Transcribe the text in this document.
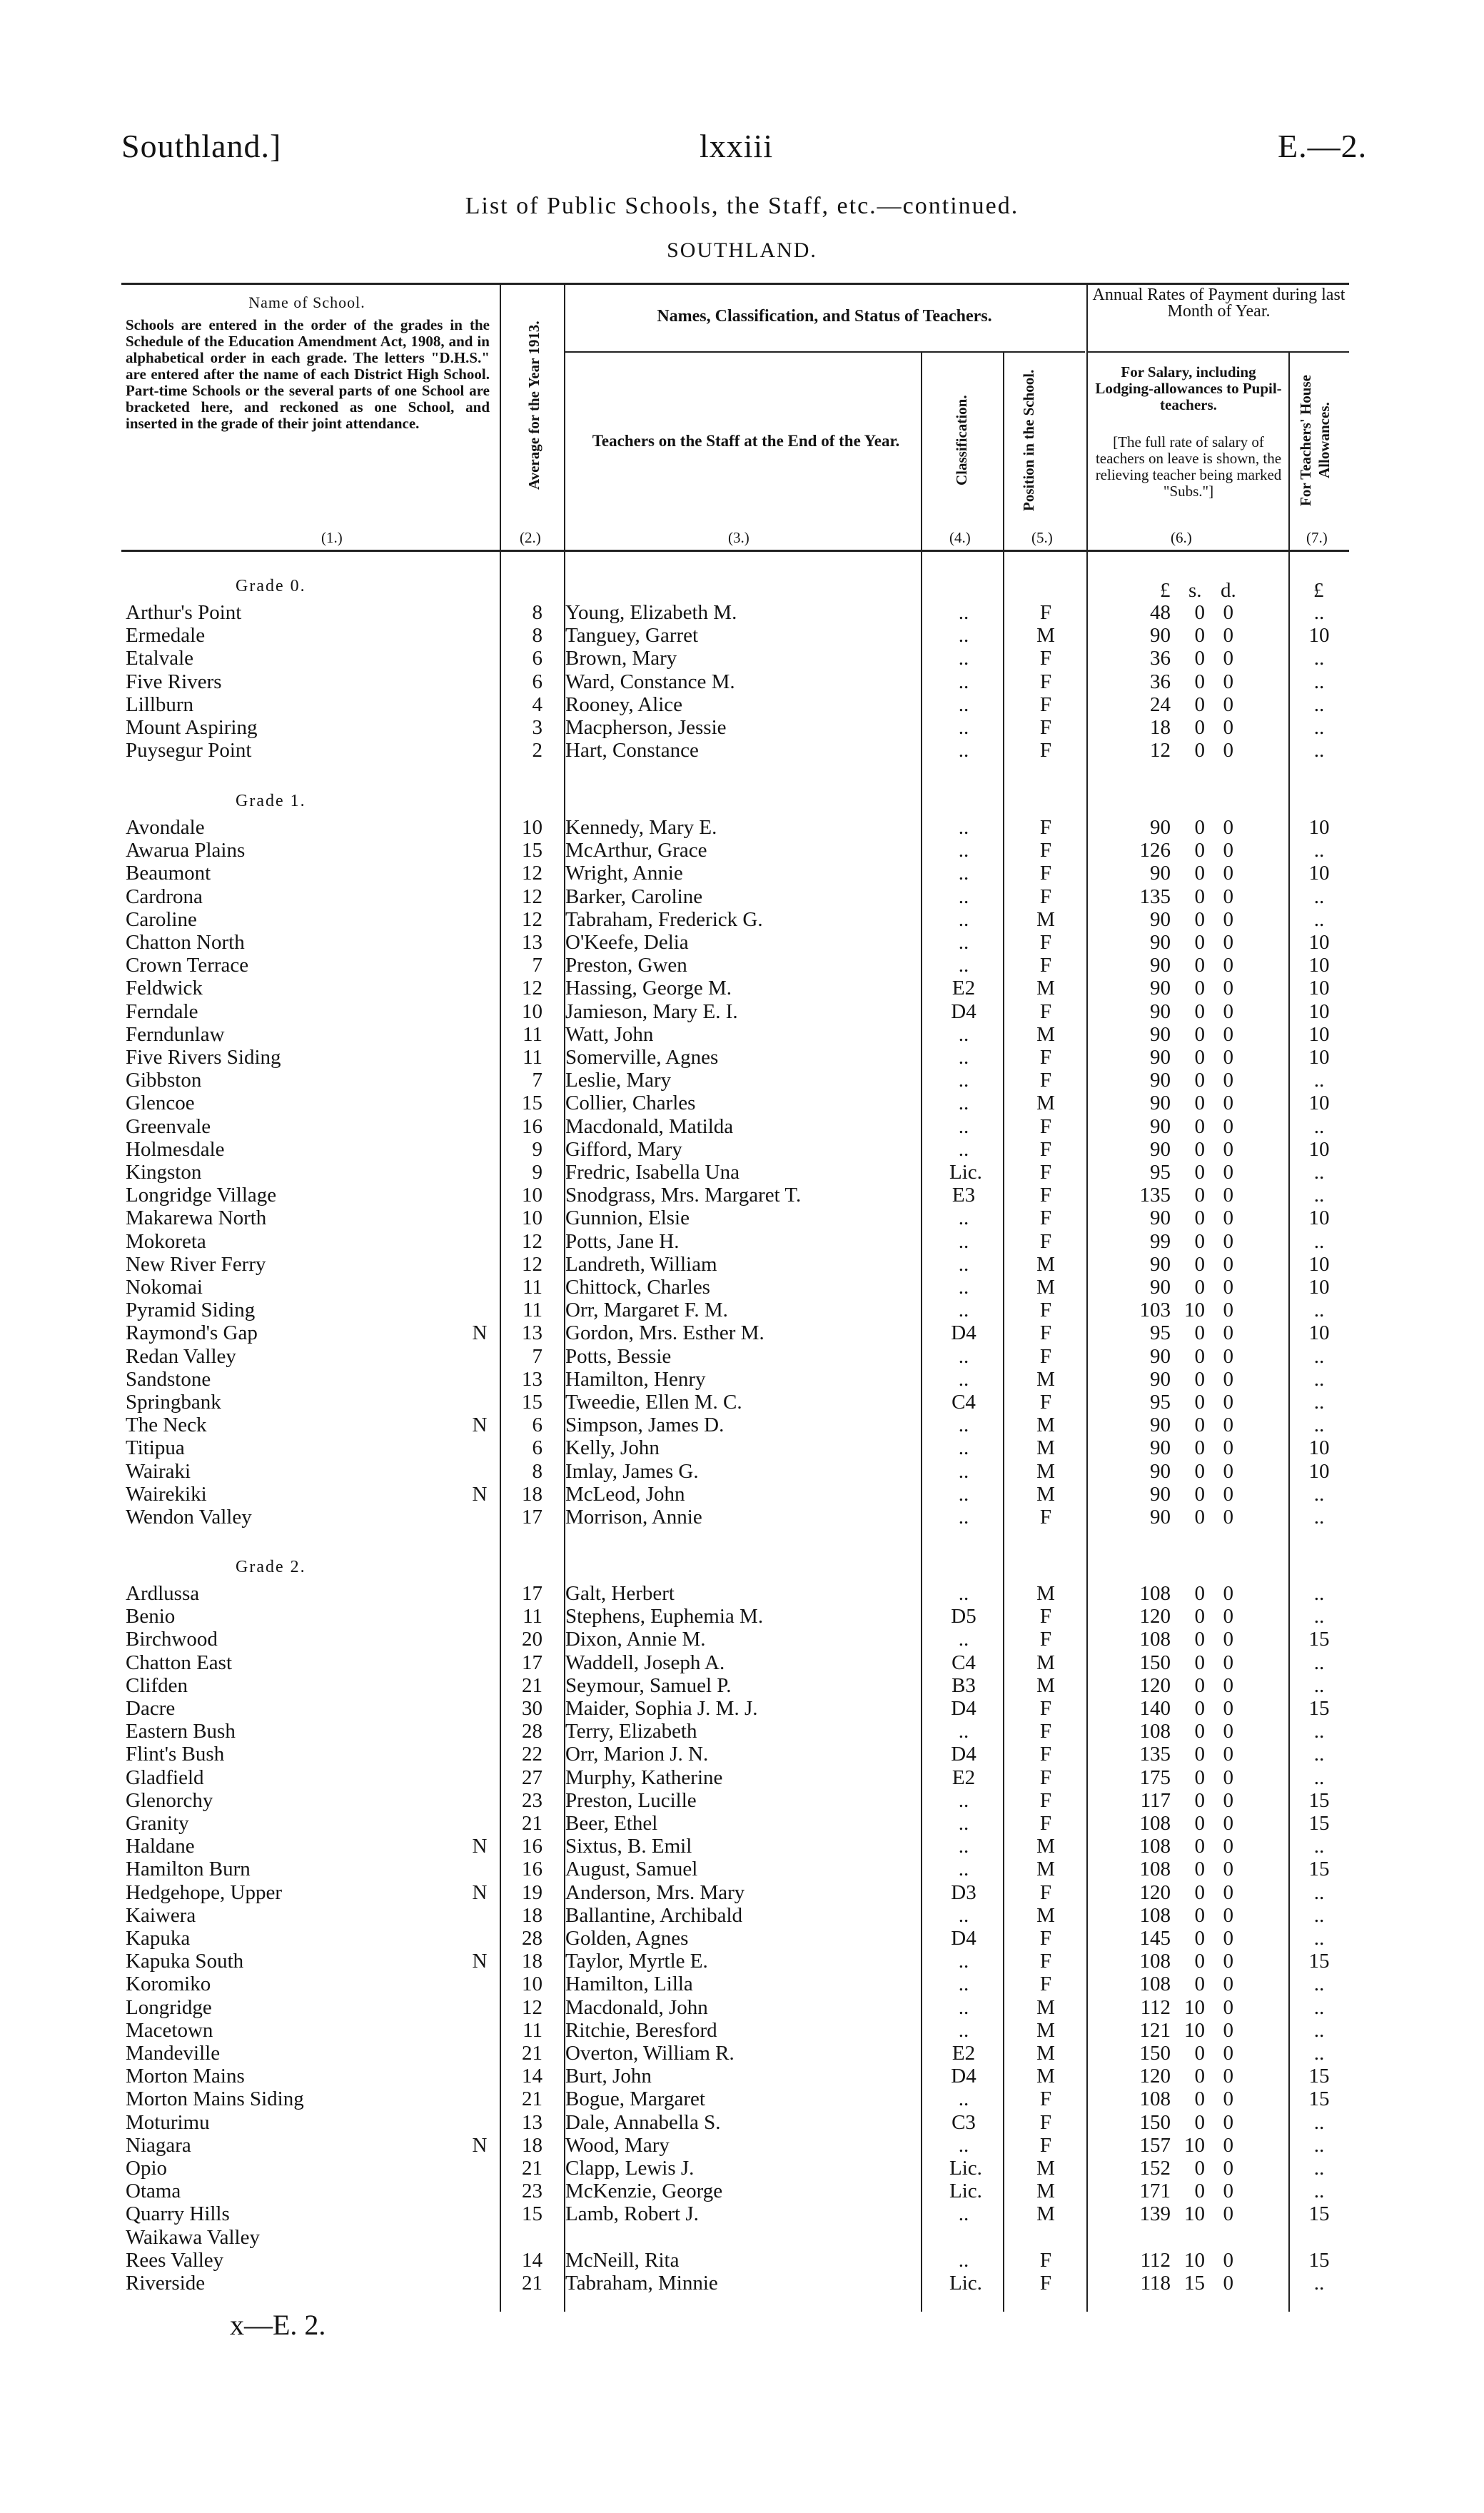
Southland.]	lxxiii	E.—2.
List of Public Schools, the Staff, etc.—continued.
SOUTHLAND.
Name of School.
Schools are entered in the order of the grades in the Schedule of the Education Amendment Act, 1908, and in alphabetical order in each grade. The letters "D.H.S." are entered after the name of each District High School. Part-time Schools or the several parts of one School are bracketed here, and reckoned as one School, and inserted in the grade of their joint attendance.
(1.)
Average for the Year 1913.
(2.)
Names, Classification, and Status of Teachers.
Teachers on the Staff at the End of the Year.
(3.)
Classification.
(4.)
Position in the School.
(5.)
Annual Rates of Payment during last Month of Year.
For Salary, including Lodging-allowances to Pupil-teachers.
[The full rate of salary of teachers on leave is shown, the relieving teacher being marked "Subs."]
(6.)
For Teachers' House Allowances.
(7.)
£ s. d.	£
Grade 0.
Arthur's Point	8 Young, Elizabeth M.	..	F	48 0 0	..
Ermedale	8 Tanguey, Garret	..	M	90 0 0	10
Etalvale	6 Brown, Mary	..	F	36 0 0	..
Five Rivers	6 Ward, Constance M.	..	F	36 0 0	..
Lillburn	4 Rooney, Alice	..	F	24 0 0	..
Mount Aspiring	3 Macpherson, Jessie	..	F	18 0 0	..
Puysegur Point	2 Hart, Constance	..	F	12 0 0	..
Grade 1.
Avondale	10 Kennedy, Mary E.	..	F	90 0 0	10
Awarua Plains	15 McArthur, Grace	..	F	126 0 0	..
Beaumont	12 Wright, Annie	..	F	90 0 0	10
Cardrona	12 Barker, Caroline	..	F	135 0 0	..
Caroline	12 Tabraham, Frederick G.	..	M	90 0 0	..
Chatton North	13 O'Keefe, Delia	..	F	90 0 0	10
Crown Terrace	7 Preston, Gwen	..	F	90 0 0	10
Feldwick	12 Hassing, George M.	E2	M	90 0 0	10
Ferndale	10 Jamieson, Mary E. I.	D4	F	90 0 0	10
Ferndunlaw	11 Watt, John	..	M	90 0 0	10
Five Rivers Siding	11 Somerville, Agnes	..	F	90 0 0	10
Gibbston	7 Leslie, Mary	..	F	90 0 0	..
Glencoe	15 Collier, Charles	..	M	90 0 0	10
Greenvale	16 Macdonald, Matilda	..	F	90 0 0	..
Holmesdale	9 Gifford, Mary	..	F	90 0 0	10
Kingston	9 Fredric, Isabella Una	Lic.	F	95 0 0	..
Longridge Village	10 Snodgrass, Mrs. Margaret T.	E3	F	135 0 0	..
Makarewa North	10 Gunnion, Elsie	..	F	90 0 0	10
Mokoreta	12 Potts, Jane H.	..	F	99 0 0	..
New River Ferry	12 Landreth, William	..	M	90 0 0	10
Nokomai	11 Chittock, Charles	..	M	90 0 0	10
Pyramid Siding	11 Orr, Margaret F. M.	..	F	103 10 0	..
Raymond's Gap	N	13 Gordon, Mrs. Esther M.	D4	F	95 0 0	10
Redan Valley	7 Potts, Bessie	..	F	90 0 0	..
Sandstone	13 Hamilton, Henry	..	M	90 0 0	..
Springbank	15 Tweedie, Ellen M. C.	C4	F	95 0 0	..
The Neck	N	6 Simpson, James D.	..	M	90 0 0	..
Titipua	6 Kelly, John	..	M	90 0 0	10
Wairaki	8 Imlay, James G.	..	M	90 0 0	10
Wairekiki	N	18 McLeod, John	..	M	90 0 0	..
Wendon Valley	17 Morrison, Annie	..	F	90 0 0	..
Grade 2.
Ardlussa	17 Galt, Herbert	..	M	108 0 0	..
Benio	11 Stephens, Euphemia M.	D5	F	120 0 0	..
Birchwood	20 Dixon, Annie M.	..	F	108 0 0	15
Chatton East	17 Waddell, Joseph A.	C4	M	150 0 0	..
Clifden	21 Seymour, Samuel P.	B3	M	120 0 0	..
Dacre	30 Maider, Sophia J. M. J.	D4	F	140 0 0	15
Eastern Bush	28 Terry, Elizabeth	..	F	108 0 0	..
Flint's Bush	22 Orr, Marion J. N.	D4	F	135 0 0	..
Gladfield	27 Murphy, Katherine	E2	F	175 0 0	..
Glenorchy	23 Preston, Lucille	..	F	117 0 0	15
Granity	21 Beer, Ethel	..	F	108 0 0	15
Haldane	N	16 Sixtus, B. Emil	..	M	108 0 0	..
Hamilton Burn	16 August, Samuel	..	M	108 0 0	15
Hedgehope, Upper	N	19 Anderson, Mrs. Mary	D3	F	120 0 0	..
Kaiwera	18 Ballantine, Archibald	..	M	108 0 0	..
Kapuka	28 Golden, Agnes	D4	F	145 0 0	..
Kapuka South	N	18 Taylor, Myrtle E.	..	F	108 0 0	15
Koromiko	10 Hamilton, Lilla	..	F	108 0 0	..
Longridge	12 Macdonald, John	..	M	112 10 0	..
Macetown	11 Ritchie, Beresford	..	M	121 10 0	..
Mandeville	21 Overton, William R.	E2	M	150 0 0	..
Morton Mains	14 Burt, John	D4	M	120 0 0	15
Morton Mains Siding	21 Bogue, Margaret	..	F	108 0 0	15
Moturimu	13 Dale, Annabella S.	C3	F	150 0 0	..
Niagara	N	18 Wood, Mary	..	F	157 10 0	..
Opio	21 Clapp, Lewis J.	Lic.	M	152 0 0	..
Otama	23 McKenzie, George	Lic.	M	171 0 0	..
Quarry Hills	15 Lamb, Robert J.	..	M	139 10 0	15
Waikawa Valley
Rees Valley	14 McNeill, Rita	..	F	112 10 0	15
Riverside	21 Tabraham, Minnie	Lic.	F	118 15 0	..
x—E. 2.
